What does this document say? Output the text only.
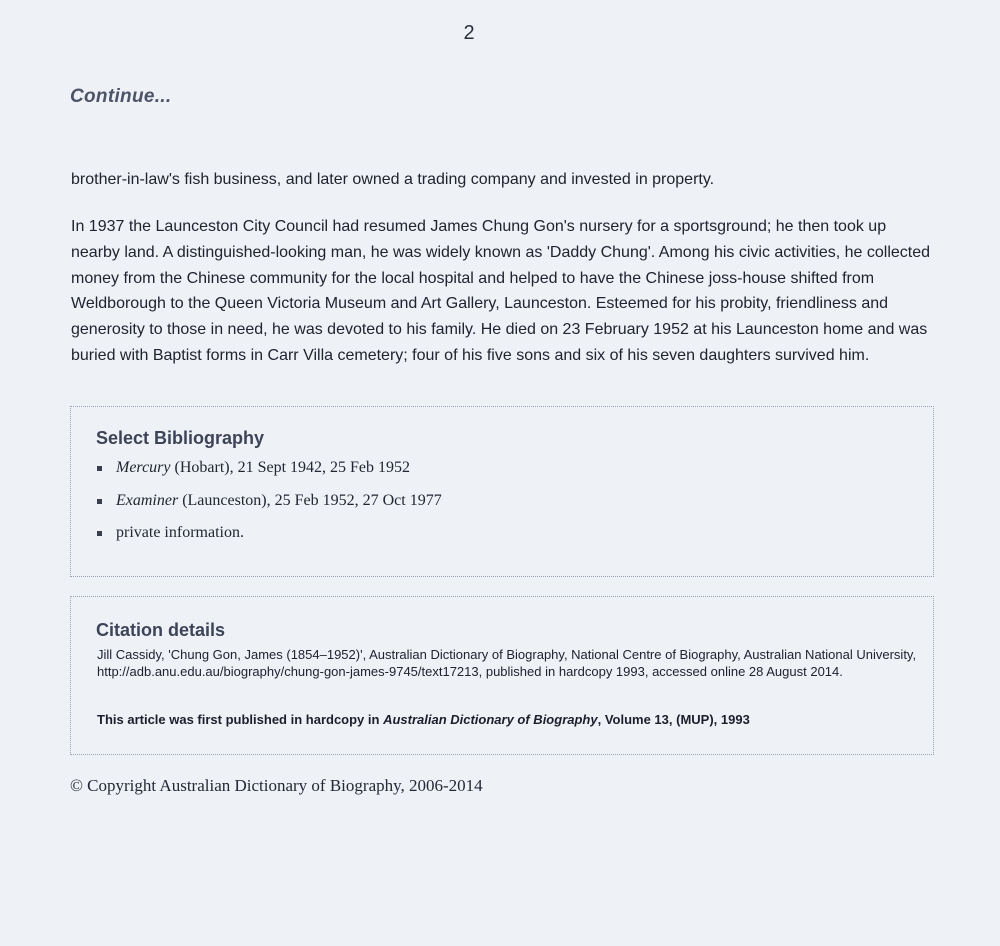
2
Continue...

brother-in-law's fish business, and later owned a trading company and invested in property.

In 1937 the Launceston City Council had resumed James Chung Gon's nursery for a sportsground; he then took up nearby land. A distinguished-looking man, he was widely known as 'Daddy Chung'. Among his civic activities, he collected money from the Chinese community for the local hospital and helped to have the Chinese joss-house shifted from Weldborough to the Queen Victoria Museum and Art Gallery, Launceston. Esteemed for his probity, friendliness and generosity to those in need, he was devoted to his family. He died on 23 February 1952 at his Launceston home and was buried with Baptist forms in Carr Villa cemetery; four of his five sons and six of his seven daughters survived him.

Select Bibliography
Mercury (Hobart), 21 Sept 1942, 25 Feb 1952
Examiner (Launceston), 25 Feb 1952, 27 Oct 1977
private information.
Citation details

Jill Cassidy, 'Chung Gon, James (1854–1952)', Australian Dictionary of Biography, National Centre of Biography, Australian National University, http://adb.anu.edu.au/biography/chung-gon-james-9745/text17213, published in hardcopy 1993, accessed online 28 August 2014.

This article was first published in hardcopy in Australian Dictionary of Biography, Volume 13, (MUP), 1993

© Copyright Australian Dictionary of Biography, 2006-2014
